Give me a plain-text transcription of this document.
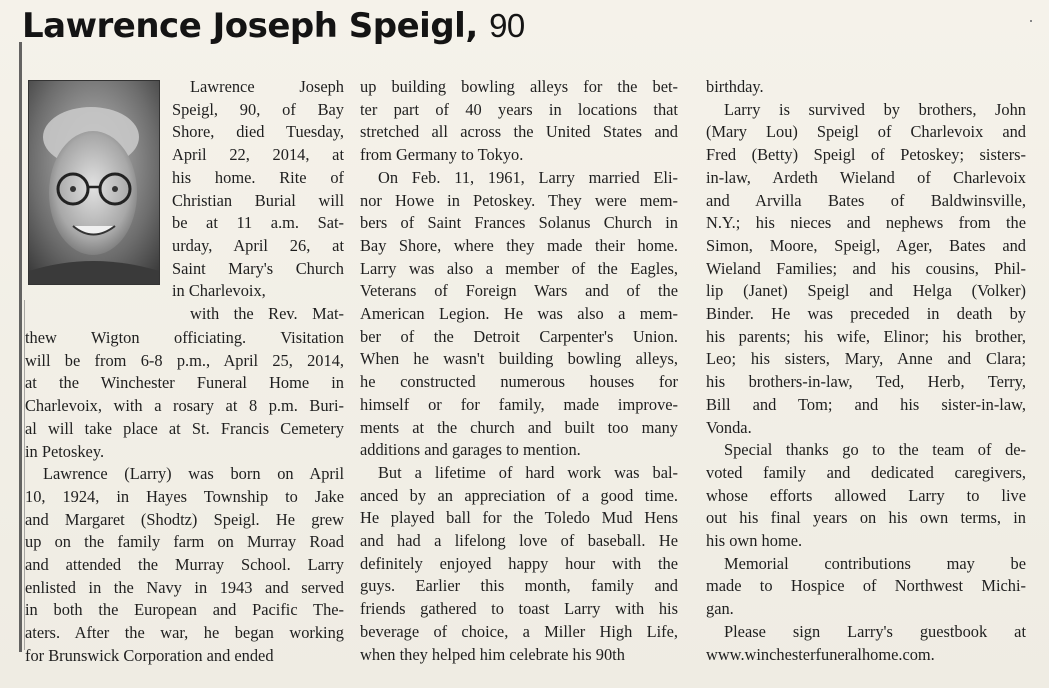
Lawrence Joseph Speigl, 90
Lawrence Joseph
Speigl, 90, of Bay
Shore, died Tuesday,
April 22, 2014, at
his home. Rite of
Christian Burial will
be at 11 a.m. Sat-
urday, April 26, at
Saint Mary's Church
in Charlevoix,
with the Rev. Mat-
thew Wigton officiating. Visitation
will be from 6-8 p.m., April 25, 2014,
at the Winchester Funeral Home in
Charlevoix, with a rosary at 8 p.m. Buri-
al will take place at St. Francis Cemetery
in Petoskey.
Lawrence (Larry) was born on April
10, 1924, in Hayes Township to Jake
and Margaret (Shodtz) Speigl. He grew
up on the family farm on Murray Road
and attended the Murray School. Larry
enlisted in the Navy in 1943 and served
in both the European and Pacific The-
aters. After the war, he began working
for Brunswick Corporation and ended
up building bowling alleys for the bet-
ter part of 40 years in locations that
stretched all across the United States and
from Germany to Tokyo.
On Feb. 11, 1961, Larry married Eli-
nor Howe in Petoskey. They were mem-
bers of Saint Frances Solanus Church in
Bay Shore, where they made their home.
Larry was also a member of the Eagles,
Veterans of Foreign Wars and of the
American Legion. He was also a mem-
ber of the Detroit Carpenter's Union.
When he wasn't building bowling alleys,
he constructed numerous houses for
himself or for family, made improve-
ments at the church and built too many
additions and garages to mention.
But a lifetime of hard work was bal-
anced by an appreciation of a good time.
He played ball for the Toledo Mud Hens
and had a lifelong love of baseball. He
definitely enjoyed happy hour with the
guys. Earlier this month, family and
friends gathered to toast Larry with his
beverage of choice, a Miller High Life,
when they helped him celebrate his 90th
birthday.
Larry is survived by brothers, John
(Mary Lou) Speigl of Charlevoix and
Fred (Betty) Speigl of Petoskey; sisters-
in-law, Ardeth Wieland of Charlevoix
and Arvilla Bates of Baldwinsville,
N.Y.; his nieces and nephews from the
Simon, Moore, Speigl, Ager, Bates and
Wieland Families; and his cousins, Phil-
lip (Janet) Speigl and Helga (Volker)
Binder. He was preceded in death by
his parents; his wife, Elinor; his brother,
Leo; his sisters, Mary, Anne and Clara;
his brothers-in-law, Ted, Herb, Terry,
Bill and Tom; and his sister-in-law,
Vonda.
Special thanks go to the team of de-
voted family and dedicated caregivers,
whose efforts allowed Larry to live
out his final years on his own terms, in
his own home.
Memorial contributions may be
made to Hospice of Northwest Michi-
gan.
Please sign Larry's guestbook at
www.winchesterfuneralhome.com.
